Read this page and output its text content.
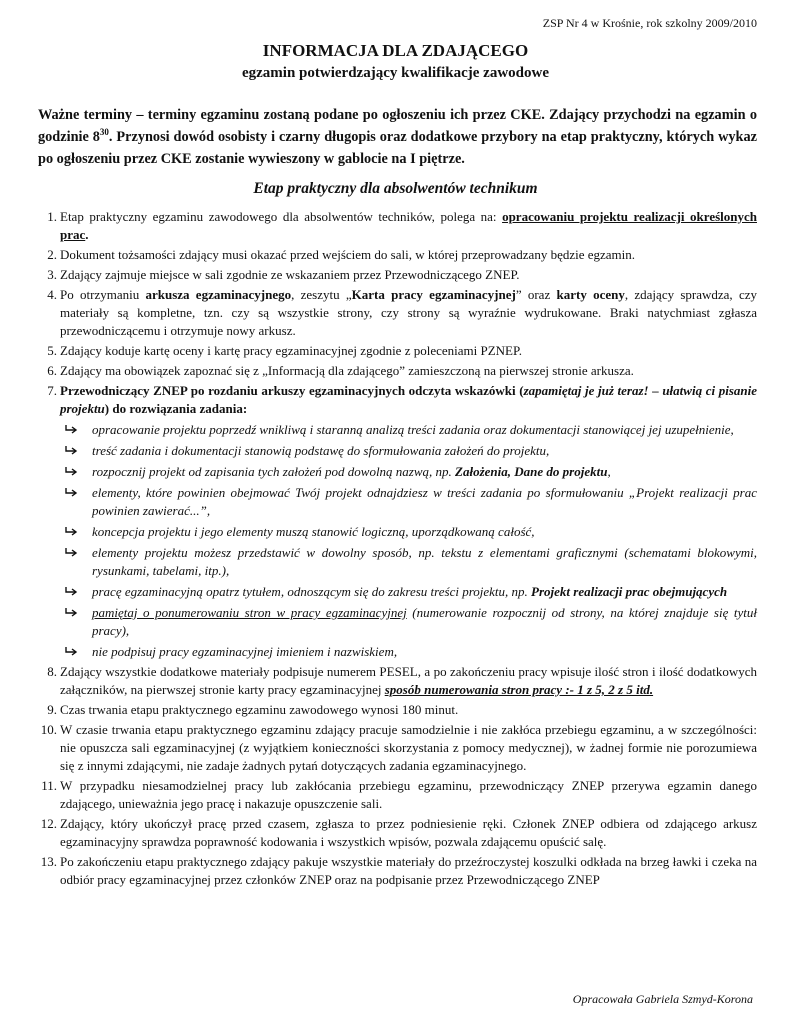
ZSP Nr 4 w Krośnie, rok szkolny 2009/2010
INFORMACJA DLA ZDAJĄCEGO
egzamin potwierdzający kwalifikacje zawodowe
Ważne terminy – terminy egzaminu zostaną podane po ogłoszeniu ich przez CKE. Zdający przychodzi na egzamin o godzinie $8^{30}$. Przynosi dowód osobisty i czarny długopis oraz dodatkowe przybory na etap praktyczny, których wykaz po ogłoszeniu przez CKE zostanie wywieszony w gablocie na I piętrze.
Etap praktyczny dla absolwentów technikum
1. Etap praktyczny egzaminu zawodowego dla absolwentów techników, polega na: opracowaniu projektu realizacji określonych prac.
2. Dokument tożsamości zdający musi okazać przed wejściem do sali, w której przeprowadzany będzie egzamin.
3. Zdający zajmuje miejsce w sali zgodnie ze wskazaniem przez Przewodniczącego ZNEP.
4. Po otrzymaniu arkusza egzaminacyjnego, zeszytu „Karta pracy egzaminacyjnej” oraz karty oceny, zdający sprawdza, czy materiały są kompletne, tzn. czy są wszystkie strony, czy strony są wyraźnie wydrukowane. Braki natychmiast zgłasza przewodniczącemu i otrzymuje nowy arkusz.
5. Zdający koduje kartę oceny i kartę pracy egzaminacyjnej zgodnie z poleceniami PZNEP.
6. Zdający ma obowiązek zapoznać się z „Informacją dla zdającego” zamieszczoną na pierwszej stronie arkusza.
7. Przewodniczący ZNEP po rozdaniu arkuszy egzaminacyjnych odczyta wskazówki (zapamiętaj je już teraz! – ułatwią ci pisanie projektu) do rozwiązania zadania:
opracowanie projektu poprzedź wnikliwą i staranną analizą treści zadania oraz dokumentacji stanowiącej jej uzupełnienie,
treść zadania i dokumentacji stanowią podstawę do sformułowania założeń do projektu,
rozpocznij projekt od zapisania tych założeń pod dowolną nazwą, np. Założenia, Dane do projektu,
elementy, które powinien obejmować Twój projekt odnajdziesz w treści zadania po sformułowaniu „Projekt realizacji prac powinien zawierać...”,
koncepcja projektu i jego elementy muszą stanowić logiczną, uporządkowaną całość,
elementy projektu możesz przedstawić w dowolny sposób, np. tekstu z elementami graficznymi (schematami blokowymi, rysunkami, tabelami, itp.),
pracę egzaminacyjną opatrz tytułem, odnoszącym się do zakresu treści projektu, np. Projekt realizacji prac obejmujących
pamiętaj o ponumerowaniu stron w pracy egzaminacyjnej (numerowanie rozpocznij od strony, na której znajduje się tytuł pracy),
nie podpisuj pracy egzaminacyjnej imieniem i nazwiskiem,
8. Zdający wszystkie dodatkowe materiały podpisuje numerem PESEL, a po zakończeniu pracy wpisuje ilość stron i ilość dodatkowych załączników, na pierwszej stronie karty pracy egzaminacyjnej sposób numerowania stron pracy :- 1 z 5, 2 z 5 itd.
9. Czas trwania etapu praktycznego egzaminu zawodowego wynosi 180 minut.
10. W czasie trwania etapu praktycznego egzaminu zdający pracuje samodzielnie i nie zakłóca przebiegu egzaminu, a w szczególności: nie opuszcza sali egzaminacyjnej (z wyjątkiem konieczności skorzystania z pomocy medycznej), w żadnej formie nie porozumiewa się z innymi zdającymi, nie zadaje żadnych pytań dotyczących zadania egzaminacyjnego.
11. W przypadku niesamodzielnej pracy lub zakłócania przebiegu egzaminu, przewodniczący ZNEP przerywa egzamin danego zdającego, unieważnia jego pracę i nakazuje opuszczenie sali.
12. Zdający, który ukończył pracę przed czasem, zgłasza to przez podniesienie ręki. Członek ZNEP odbiera od zdającego arkusz egzaminacyjny sprawdza poprawność kodowania i wszystkich wpisów, pozwala zdającemu opuścić salę.
13. Po zakończeniu etapu praktycznego zdający pakuje wszystkie materiały do przeźroczystej koszulki odkłada na brzeg ławki i czeka na odbiór pracy egzaminacyjnej przez członków ZNEP oraz na podpisanie przez Przewodniczącego ZNEP
Opracowała Gabriela Szmyd-Korona
